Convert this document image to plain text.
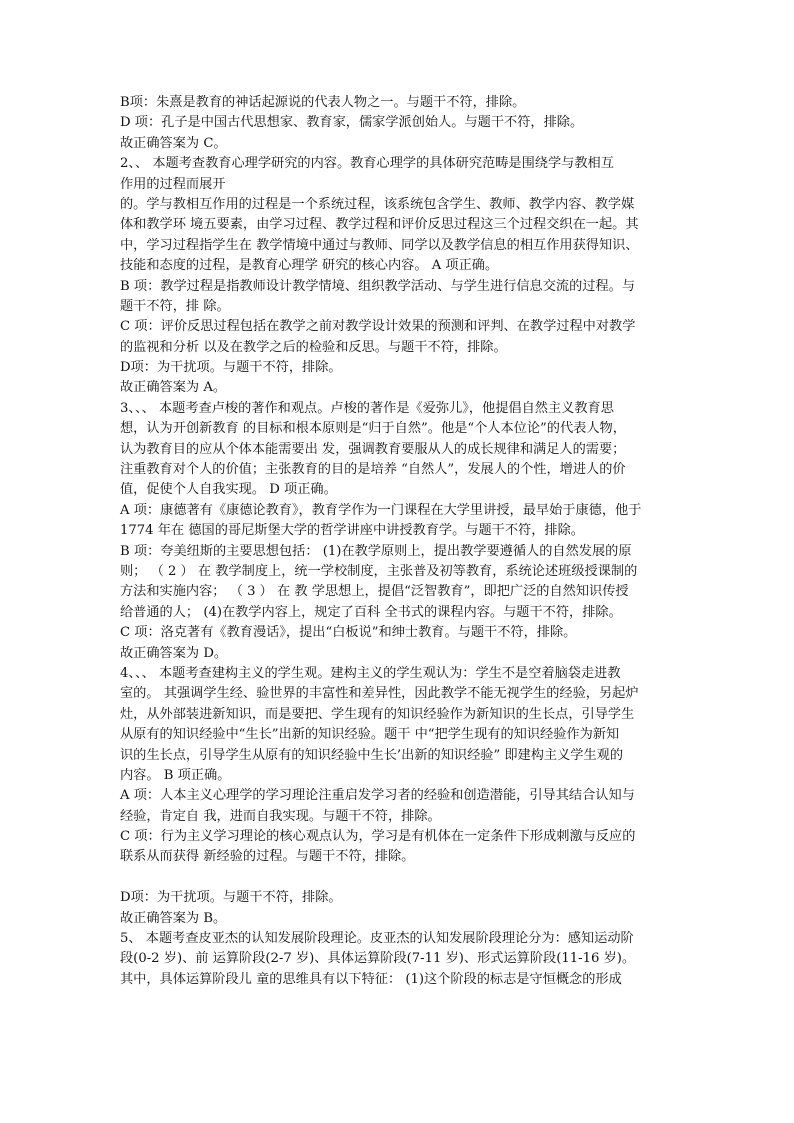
B项：朱熹是教育的神话起源说的代表人物之一。与题干不符，排除。
D 项：孔子是中国古代思想家、教育家，儒家学派创始人。与题干不符，排除。
故正确答案为 C。
2、、 本题考查教育心理学研究的内容。教育心理学的具体研究范畴是围绕学与教相互
作用的过程而展开
的。学与教相互作用的过程是一个系统过程，该系统包含学生、教师、教学内容、教学媒
体和教学环 境五要素，由学习过程、教学过程和评价反思过程这三个过程交织在一起。其
中，学习过程指学生在 教学情境中通过与教师、同学以及教学信息的相互作用获得知识、
技能和态度的过程，是教育心理学 研究的核心内容。 A 项正确。
B 项：教学过程是指教师设计教学情境、组织教学活动、与学生进行信息交流的过程。与
题干不符，排 除。
C 项：评价反思过程包括在教学之前对教学设计效果的预测和评判、在教学过程中对教学
的监视和分析 以及在教学之后的检验和反思。与题干不符，排除。
D项：为干扰项。与题干不符，排除。
故正确答案为 A。
3、、、 本题考查卢梭的著作和观点。卢梭的著作是《爱弥儿》，他提倡自然主义教育思
想，认为开创新教育 的目标和根本原则是“归于自然”。他是“个人本位论”的代表人物，
认为教育目的应从个体本能需要出 发，强调教育要服从人的成长规律和满足人的需要；
注重教育对个人的价值；主张教育的目的是培养 “自然人”，发展人的个性，增进人的价
值，促使个人自我实现。 D 项正确。
A 项：康德著有《康德论教育》，教育学作为一门课程在大学里讲授，最早始于康德，他于
1774 年在 德国的哥尼斯堡大学的哲学讲座中讲授教育学。与题干不符，排除。
B 项：夸美纽斯的主要思想包括： (1)在教学原则上，提出教学要遵循人的自然发展的原
则； （ 2 ） 在 教学制度上，统一学校制度，主张普及初等教育，系统论述班级授课制的
方法和实施内容； （ 3 ） 在 教 学思想上，提倡“泛智教育”，即把广泛的自然知识传授
给普通的人； (4)在教学内容上，规定了百科 全书式的课程内容。与题干不符，排除。
C 项：洛克著有《教育漫话》，提出“白板说”和绅士教育。与题干不符，排除。
故正确答案为 D。
4、、、 本题考查建构主义的学生观。建构主义的学生观认为：学生不是空着脑袋走进教
室的。 其强调学生经、验世界的丰富性和差异性，因此教学不能无视学生的经验，另起炉
灶，从外部装进新知识，而是要把、学生现有的知识经验作为新知识的生长点，引导学生
从原有的知识经验中“生长”出新的知识经验。题干 中“把学生现有的知识经验作为新知
识的生长点，引导学生从原有的知识经验中生长’出新的知识经验” 即建构主义学生观的
内容。 B 项正确。
A 项：人本主义心理学的学习理论注重启发学习者的经验和创造潜能，引导其结合认知与
经验，肯定自 我，进而自我实现。与题干不符，排除。
C 项：行为主义学习理论的核心观点认为，学习是有机体在一定条件下形成刺激与反应的
联系从而获得 新经验的过程。与题干不符，排除。
D项：为干扰项。与题干不符，排除。
故正确答案为 B。
5、 本题考查皮亚杰的认知发展阶段理论。皮亚杰的认知发展阶段理论分为：感知运动阶
段(0-2 岁)、前 运算阶段(2-7 岁)、具体运算阶段(7-11 岁)、形式运算阶段(11-16 岁)。
其中，具体运算阶段儿 童的思维具有以下特征： (1)这个阶段的标志是守恒概念的形成
